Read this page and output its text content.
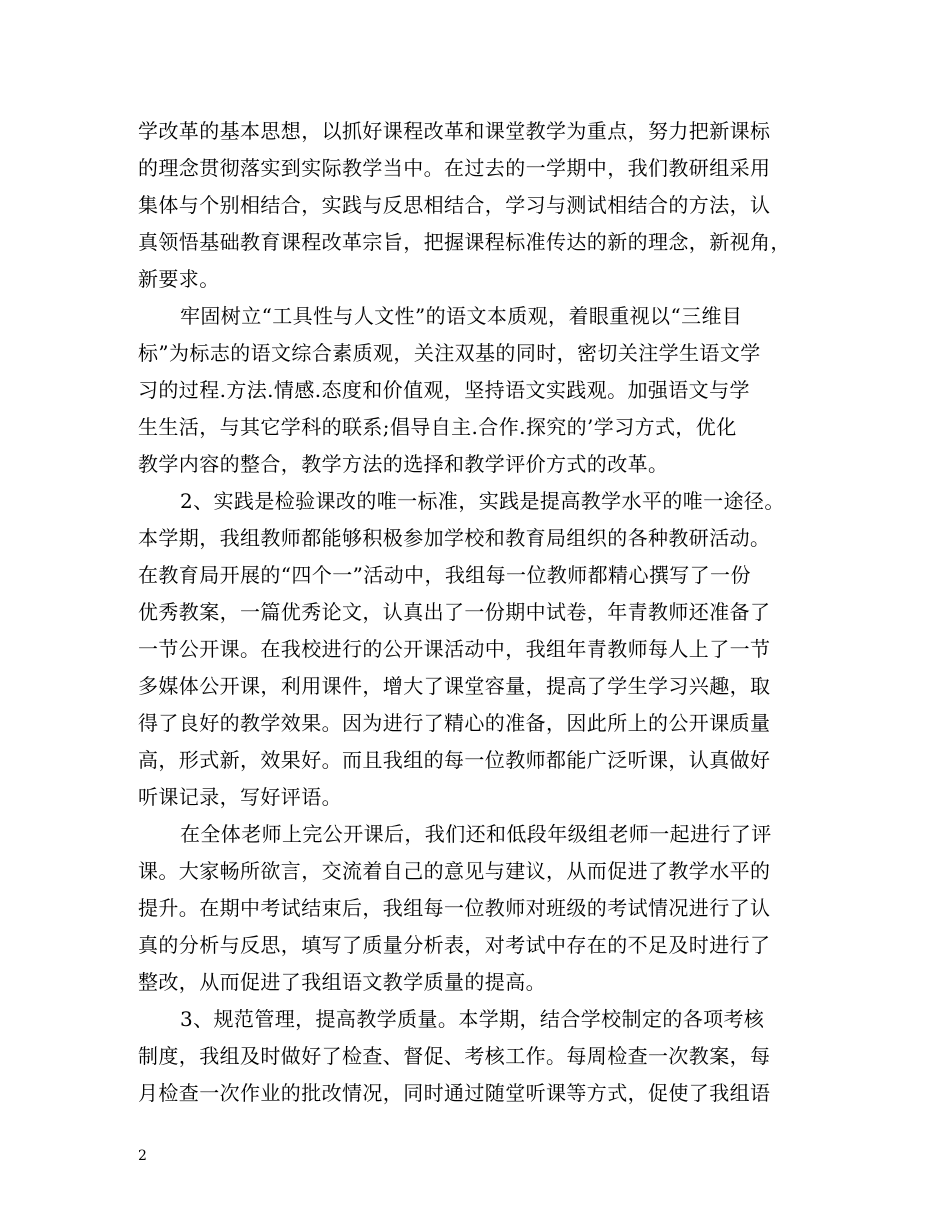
学改革的基本思想，以抓好课程改革和课堂教学为重点，努力把新课标
的理念贯彻落实到实际教学当中。在过去的一学期中，我们教研组采用
集体与个别相结合，实践与反思相结合，学习与测试相结合的方法，认
真领悟基础教育课程改革宗旨，把握课程标准传达的新的理念，新视角，
新要求。
牢固树立“工具性与人文性”的语文本质观，着眼重视以“三维目
标”为标志的语文综合素质观，关注双基的同时，密切关注学生语文学
习的过程.方法.情感.态度和价值观，坚持语文实践观。加强语文与学
生生活，与其它学科的联系;倡导自主.合作.探究的’学习方式，优化
教学内容的整合，教学方法的选择和教学评价方式的改革。
2、实践是检验课改的唯一标准，实践是提高教学水平的唯一途径。
本学期，我组教师都能够积极参加学校和教育局组织的各种教研活动。
在教育局开展的“四个一”活动中，我组每一位教师都精心撰写了一份
优秀教案，一篇优秀论文，认真出了一份期中试卷，年青教师还准备了
一节公开课。在我校进行的公开课活动中，我组年青教师每人上了一节
多媒体公开课，利用课件，增大了课堂容量，提高了学生学习兴趣，取
得了良好的教学效果。因为进行了精心的准备，因此所上的公开课质量
高，形式新，效果好。而且我组的每一位教师都能广泛听课，认真做好
听课记录，写好评语。
在全体老师上完公开课后，我们还和低段年级组老师一起进行了评
课。大家畅所欲言，交流着自己的意见与建议，从而促进了教学水平的
提升。在期中考试结束后，我组每一位教师对班级的考试情况进行了认
真的分析与反思，填写了质量分析表，对考试中存在的不足及时进行了
整改，从而促进了我组语文教学质量的提高。
3、规范管理，提高教学质量。本学期，结合学校制定的各项考核
制度，我组及时做好了检查、督促、考核工作。每周检查一次教案，每
月检查一次作业的批改情况，同时通过随堂听课等方式，促使了我组语
2
